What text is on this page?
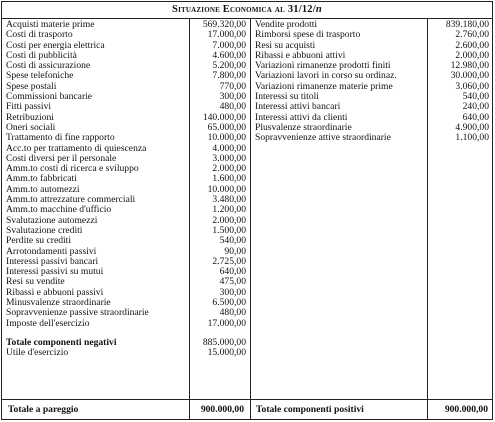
Situazione Economica al 31/12/n
Acquisti materie prime	569.320,00
Costi di trasporto	17.000,00
Costi per energia elettrica	7.000,00
Costi di pubblicità	4.600,00
Costi di assicurazione	5.200,00
Spese telefoniche	7.800,00
Spese postali	770,00
Commissioni bancarie	300,00
Fitti passivi	480,00
Retribuzioni	140.000,00
Oneri sociali	65.000,00
Trattamento di fine rapporto	10.000,00
Acc.to per trattamento di quiescenza	4.000,00
Costi diversi per il personale	3.000,00
Amm.to costi di ricerca e sviluppo	2.000,00
Amm.to fabbricati	1.600,00
Amm.to automezzi	10.000,00
Amm.to attrezzature commerciali	3.480,00
Amm.to macchine d'ufficio	1.200,00
Svalutazione automezzi	2.000,00
Svalutazione crediti	1.500,00
Perdite su crediti	540,00
Arrotondamenti passivi	90,00
Interessi passivi bancari	2.725,00
Interessi passivi su mutui	640,00
Resi su vendite	475,00
Ribassi e abbuoni passivi	300,00
Minusvalenze straordinarie	6.500,00
Sopravvenienze passive straordinarie	480,00
Imposte dell'esercizio	17.000,00
Totale componenti negativi	885.000,00
Utile d'esercizio	15.000,00
Vendite prodotti	839.180,00
Rimborsi spese di trasporto	2.760,00
Resi su acquisti	2.600,00
Ribassi e abbuoni attivi	2.000,00
Variazioni rimanenze prodotti finiti	12.980,00
Variazioni lavori in corso su ordinaz.	30.000,00
Variazioni rimanenze materie prime	3.060,00
Interessi su titoli	540,00
Interessi attivi bancari	240,00
Interessi attivi da clienti	640,00
Plusvalenze straordinarie	4.900,00
Sopravvenienze attive straordinarie	1.100,00
Totale a pareggio	900.000,00 Totale componenti positivi	900.000,00
